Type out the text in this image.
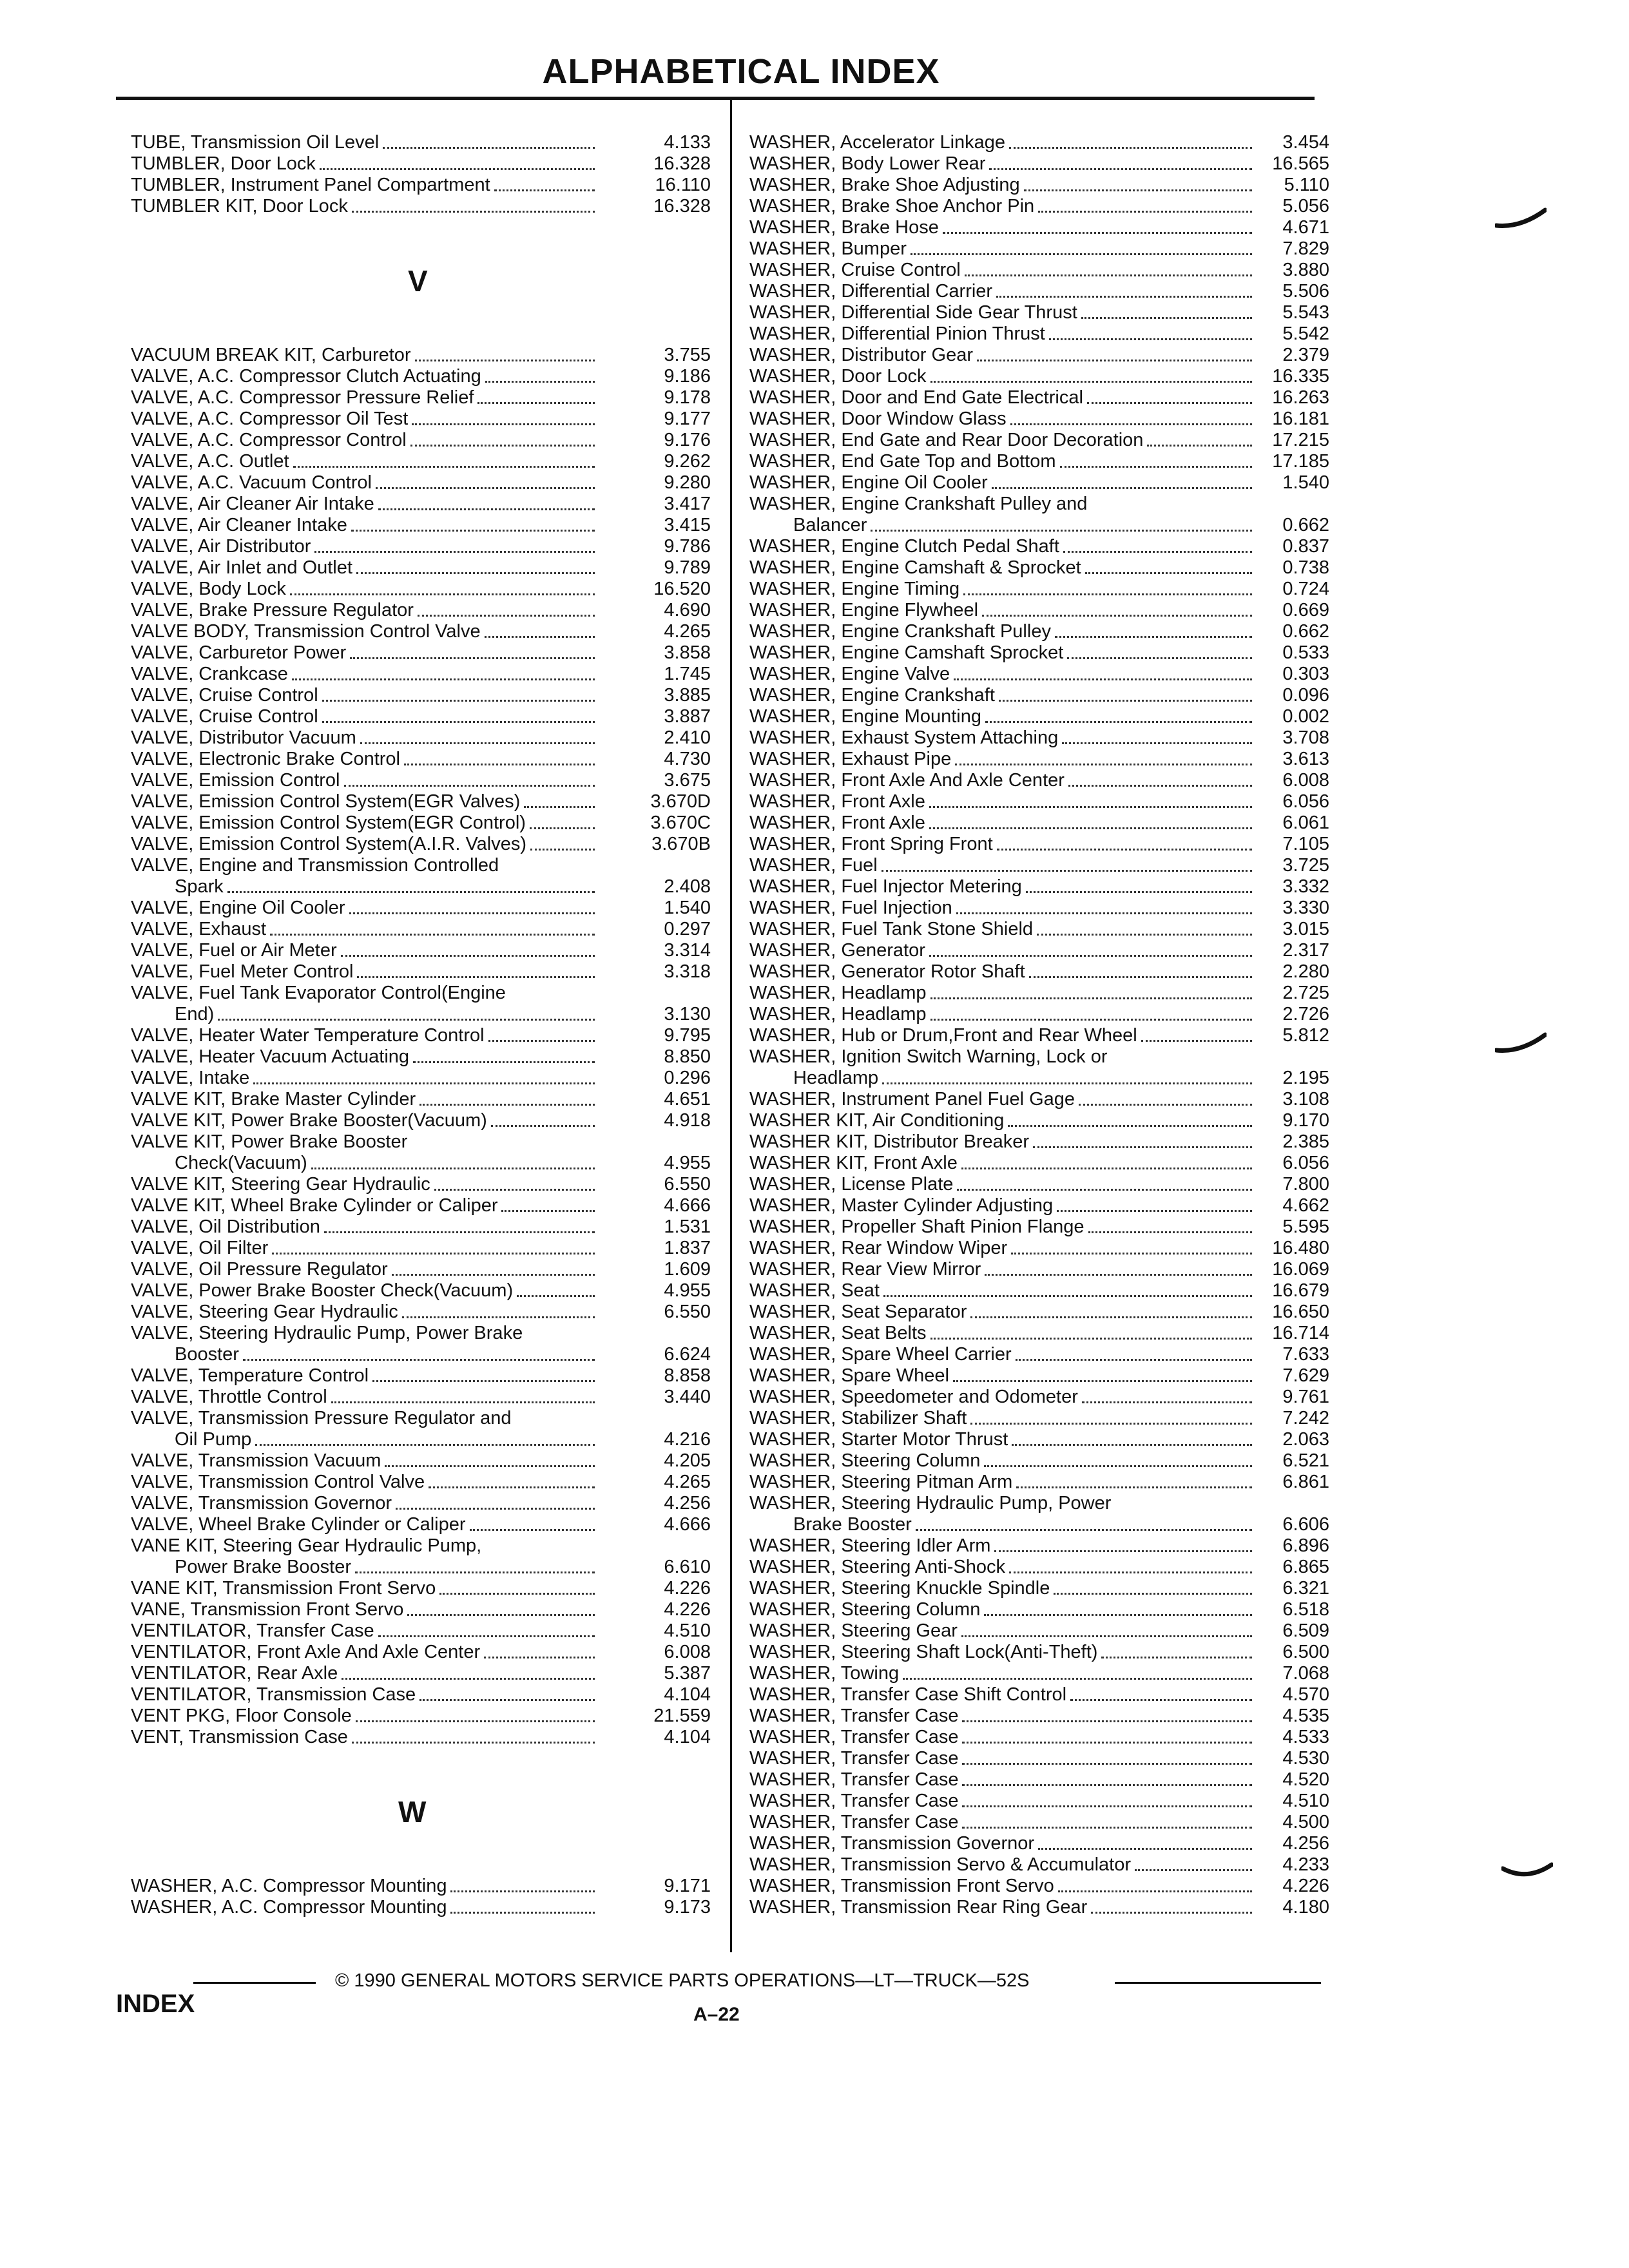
ALPHABETICAL INDEX
TUBE, Transmission Oil Level	4.133
TUMBLER, Door Lock	16.328
TUMBLER, Instrument Panel Compartment	16.110
TUMBLER KIT, Door Lock	16.328
V
VACUUM BREAK KIT, Carburetor	3.755
VALVE, A.C. Compressor Clutch Actuating	9.186
VALVE, A.C. Compressor Pressure Relief	9.178
VALVE, A.C. Compressor Oil Test	9.177
VALVE, A.C. Compressor Control	9.176
VALVE, A.C. Outlet	9.262
VALVE, A.C. Vacuum Control	9.280
VALVE, Air Cleaner Air Intake	3.417
VALVE, Air Cleaner Intake	3.415
VALVE, Air Distributor	9.786
VALVE, Air Inlet and Outlet	9.789
VALVE, Body Lock	16.520
VALVE, Brake Pressure Regulator	4.690
VALVE BODY, Transmission Control Valve	4.265
VALVE, Carburetor Power	3.858
VALVE, Crankcase	1.745
VALVE, Cruise Control	3.885
VALVE, Cruise Control	3.887
VALVE, Distributor Vacuum	2.410
VALVE, Electronic Brake Control	4.730
VALVE, Emission Control	3.675
VALVE, Emission Control System(EGR Valves)	3.670D
VALVE, Emission Control System(EGR Control)	3.670C
VALVE, Emission Control System(A.I.R. Valves)	3.670B
VALVE, Engine and Transmission Controlled
Spark	2.408
VALVE, Engine Oil Cooler	1.540
VALVE, Exhaust	0.297
VALVE, Fuel or Air Meter	3.314
VALVE, Fuel Meter Control	3.318
VALVE, Fuel Tank Evaporator Control(Engine
End)	3.130
VALVE, Heater Water Temperature Control	9.795
VALVE, Heater Vacuum Actuating	8.850
VALVE, Intake	0.296
VALVE KIT, Brake Master Cylinder	4.651
VALVE KIT, Power Brake Booster(Vacuum)	4.918
VALVE KIT, Power Brake Booster
Check(Vacuum)	4.955
VALVE KIT, Steering Gear Hydraulic	6.550
VALVE KIT, Wheel Brake Cylinder or Caliper	4.666
VALVE, Oil Distribution	1.531
VALVE, Oil Filter	1.837
VALVE, Oil Pressure Regulator	1.609
VALVE, Power Brake Booster Check(Vacuum)	4.955
VALVE, Steering Gear Hydraulic	6.550
VALVE, Steering Hydraulic Pump, Power Brake
Booster	6.624
VALVE, Temperature Control	8.858
VALVE, Throttle Control	3.440
VALVE, Transmission Pressure Regulator and
Oil Pump	4.216
VALVE, Transmission Vacuum	4.205
VALVE, Transmission Control Valve	4.265
VALVE, Transmission Governor	4.256
VALVE, Wheel Brake Cylinder or Caliper	4.666
VANE KIT, Steering Gear Hydraulic Pump,
Power Brake Booster	6.610
VANE KIT, Transmission Front Servo	4.226
VANE, Transmission Front Servo	4.226
VENTILATOR, Transfer Case	4.510
VENTILATOR, Front Axle And Axle Center	6.008
VENTILATOR, Rear Axle	5.387
VENTILATOR, Transmission Case	4.104
VENT PKG, Floor Console	21.559
VENT, Transmission Case	4.104
W
WASHER, A.C. Compressor Mounting	9.171
WASHER, A.C. Compressor Mounting	9.173
WASHER, Accelerator Linkage	3.454
WASHER, Body Lower Rear	16.565
WASHER, Brake Shoe Adjusting	5.110
WASHER, Brake Shoe Anchor Pin	5.056
WASHER, Brake Hose	4.671
WASHER, Bumper	7.829
WASHER, Cruise Control	3.880
WASHER, Differential Carrier	5.506
WASHER, Differential Side Gear Thrust	5.543
WASHER, Differential Pinion Thrust	5.542
WASHER, Distributor Gear	2.379
WASHER, Door Lock	16.335
WASHER, Door and End Gate Electrical	16.263
WASHER, Door Window Glass	16.181
WASHER, End Gate and Rear Door Decoration	17.215
WASHER, End Gate Top and Bottom	17.185
WASHER, Engine Oil Cooler	1.540
WASHER, Engine Crankshaft Pulley and
Balancer	0.662
WASHER, Engine Clutch Pedal Shaft	0.837
WASHER, Engine Camshaft & Sprocket	0.738
WASHER, Engine Timing	0.724
WASHER, Engine Flywheel	0.669
WASHER, Engine Crankshaft Pulley	0.662
WASHER, Engine Camshaft Sprocket	0.533
WASHER, Engine Valve	0.303
WASHER, Engine Crankshaft	0.096
WASHER, Engine Mounting	0.002
WASHER, Exhaust System Attaching	3.708
WASHER, Exhaust Pipe	3.613
WASHER, Front Axle And Axle Center	6.008
WASHER, Front Axle	6.056
WASHER, Front Axle	6.061
WASHER, Front Spring Front	7.105
WASHER, Fuel	3.725
WASHER, Fuel Injector Metering	3.332
WASHER, Fuel Injection	3.330
WASHER, Fuel Tank Stone Shield	3.015
WASHER, Generator	2.317
WASHER, Generator Rotor Shaft	2.280
WASHER, Headlamp	2.725
WASHER, Headlamp	2.726
WASHER, Hub or Drum,Front and Rear Wheel	5.812
WASHER, Ignition Switch Warning, Lock or
Headlamp	2.195
WASHER, Instrument Panel Fuel Gage	3.108
WASHER KIT, Air Conditioning	9.170
WASHER KIT, Distributor Breaker	2.385
WASHER KIT, Front Axle	6.056
WASHER, License Plate	7.800
WASHER, Master Cylinder Adjusting	4.662
WASHER, Propeller Shaft Pinion Flange	5.595
WASHER, Rear Window Wiper	16.480
WASHER, Rear View Mirror	16.069
WASHER, Seat	16.679
WASHER, Seat Separator	16.650
WASHER, Seat Belts	16.714
WASHER, Spare Wheel Carrier	7.633
WASHER, Spare Wheel	7.629
WASHER, Speedometer and Odometer	9.761
WASHER, Stabilizer Shaft	7.242
WASHER, Starter Motor Thrust	2.063
WASHER, Steering Column	6.521
WASHER, Steering Pitman Arm	6.861
WASHER, Steering Hydraulic Pump, Power
Brake Booster	6.606
WASHER, Steering Idler Arm	6.896
WASHER, Steering Anti-Shock	6.865
WASHER, Steering Knuckle Spindle	6.321
WASHER, Steering Column	6.518
WASHER, Steering Gear	6.509
WASHER, Steering Shaft Lock(Anti-Theft)	6.500
WASHER, Towing	7.068
WASHER, Transfer Case Shift Control	4.570
WASHER, Transfer Case	4.535
WASHER, Transfer Case	4.533
WASHER, Transfer Case	4.530
WASHER, Transfer Case	4.520
WASHER, Transfer Case	4.510
WASHER, Transfer Case	4.500
WASHER, Transmission Governor	4.256
WASHER, Transmission Servo & Accumulator	4.233
WASHER, Transmission Front Servo	4.226
WASHER, Transmission Rear Ring Gear	4.180
© 1990 GENERAL MOTORS SERVICE PARTS OPERATIONS—LT—TRUCK—52S
INDEX	A–22
